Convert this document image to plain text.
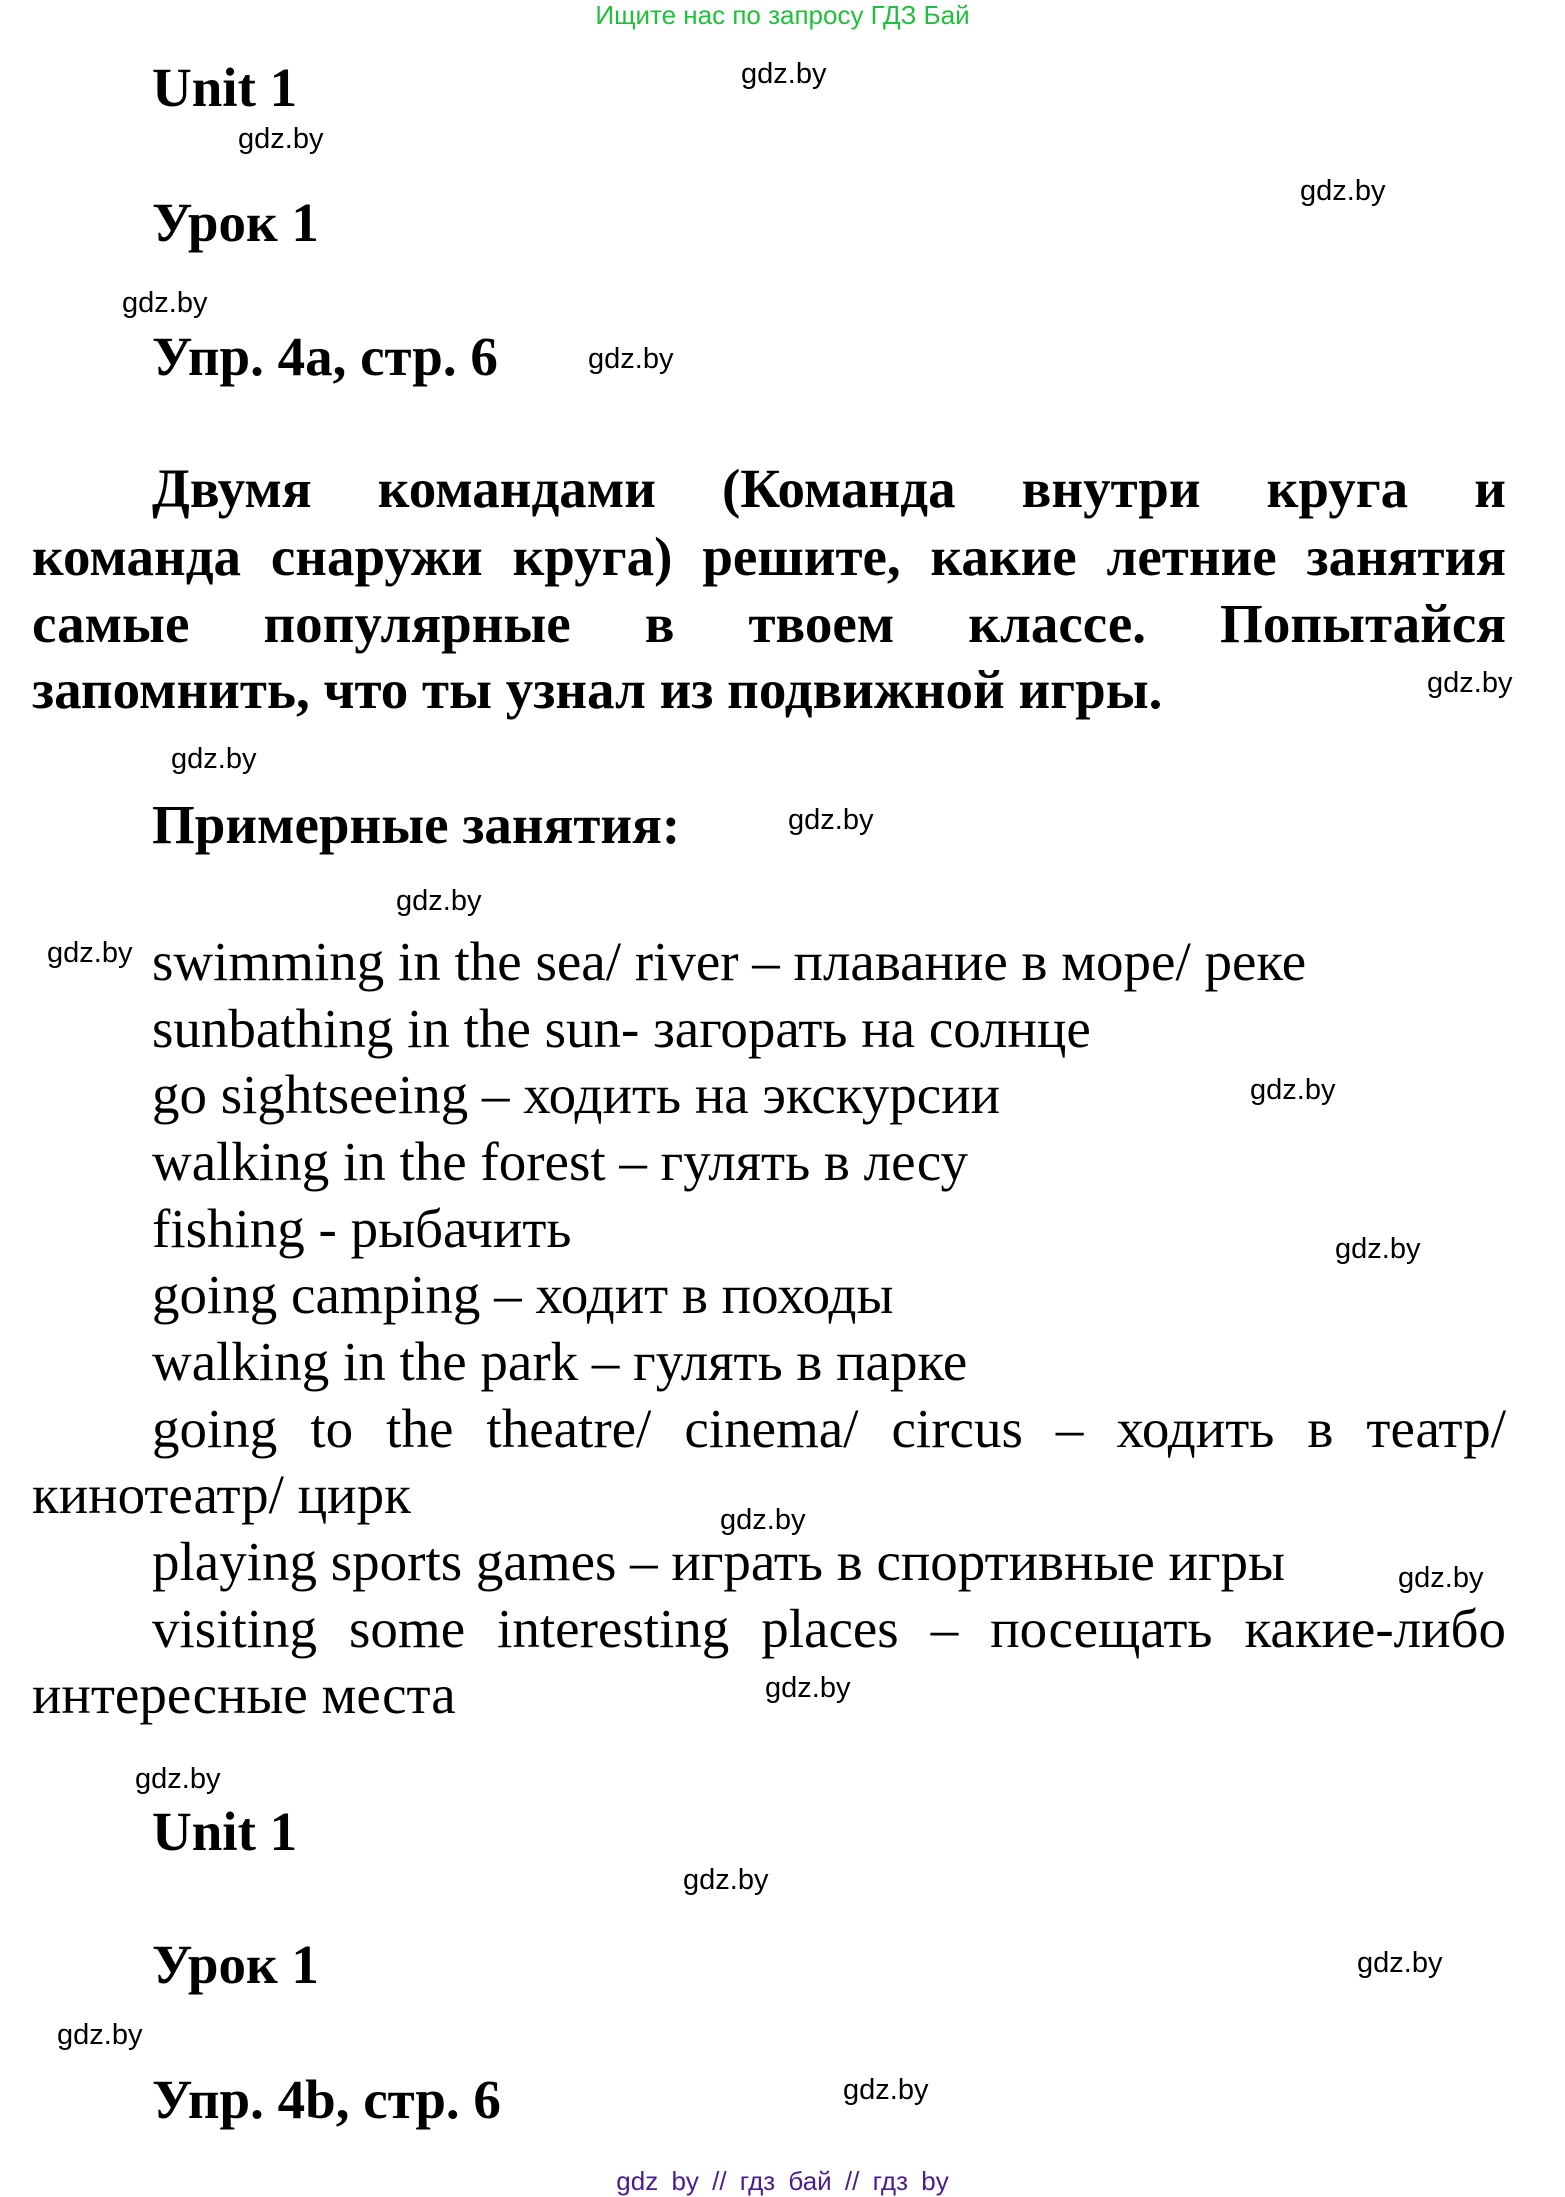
Ищите нас по запросу ГДЗ Бай
Unit 1
Урок 1
Упр. 4а, стр. 6
Двумя командами (Команда внутри круга и
команда снаружи круга) решите, какие летние занятия
самые популярные в твоем классе. Попытайся
запомнить, что ты узнал из подвижной игры.
Примерные занятия:
swimming in the sea/ river – плавание в море/ реке
sunbathing in the sun- загорать на солнце
go sightseeing – ходить на экскурсии
walking in the forest – гулять в лесу
fishing - рыбачить
going camping – ходит в походы
walking in the park – гулять в парке
going to the theatre/ cinema/ circus – ходить в театр/
кинотеатр/ цирк
playing sports games – играть в спортивные игры
visiting some interesting places – посещать какие-либо
интересные места
Unit 1
Урок 1
Упр. 4b, стр. 6
gdz.by
gdz.by
gdz.by
gdz.by
gdz.by
gdz.by
gdz.by
gdz.by
gdz.by
gdz.by
gdz.by
gdz.by
gdz.by
gdz.by
gdz.by
gdz.by
gdz.by
gdz.by
gdz.by
gdz.by
gdz by // гдз бай // гдз by
